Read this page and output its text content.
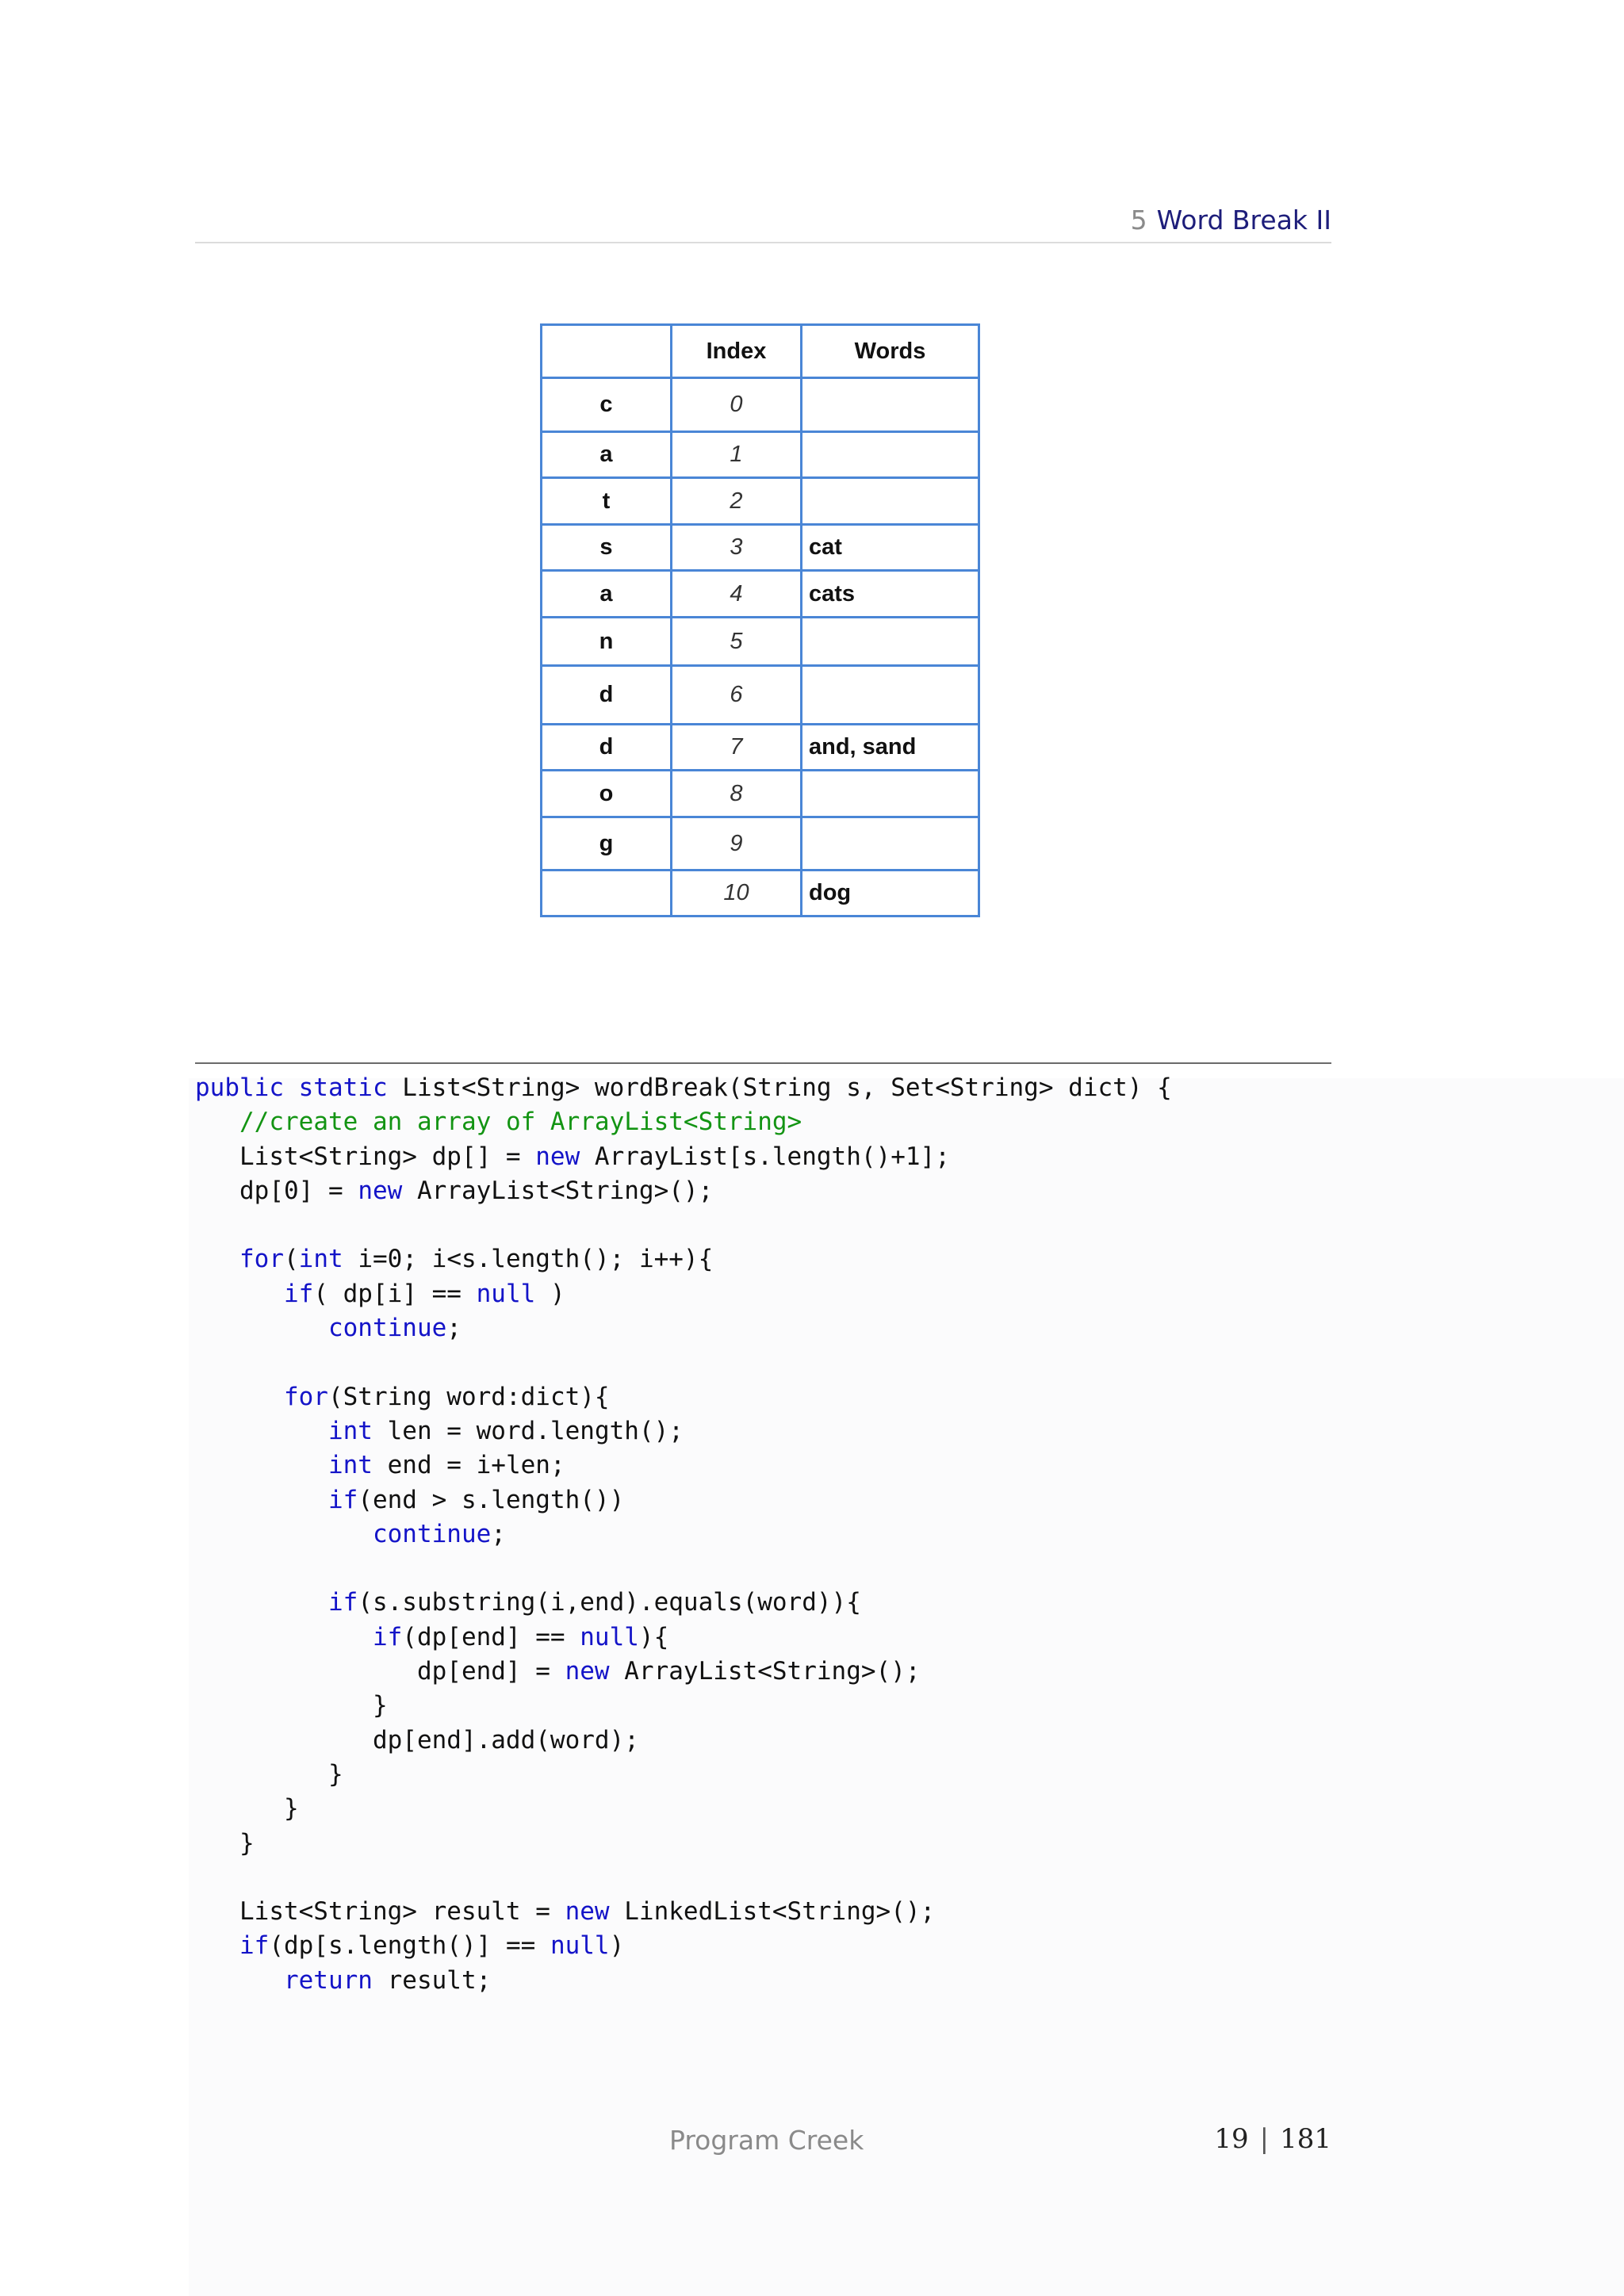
5 Word Break II
	Index	Words
c	0	
a	1	
t	2	
s	3	cat
a	4	cats
n	5	
d	6	
d	7	and, sand
o	8	
g	9	
	10	dog
public static List<String> wordBreak(String s, Set<String> dict) {
//create an array of ArrayList<String>
List<String> dp[] = new ArrayList[s.length()+1];
dp[0] = new ArrayList<String>();
for(int i=0; i<s.length(); i++){
if( dp[i] == null )
continue;
for(String word:dict){
int len = word.length();
int end = i+len;
if(end > s.length())
continue;
if(s.substring(i,end).equals(word)){
if(dp[end] == null){
dp[end] = new ArrayList<String>();
}
dp[end].add(word);
}
}
}
List<String> result = new LinkedList<String>();
if(dp[s.length()] == null)
return result;
Program Creek	19 | 181
